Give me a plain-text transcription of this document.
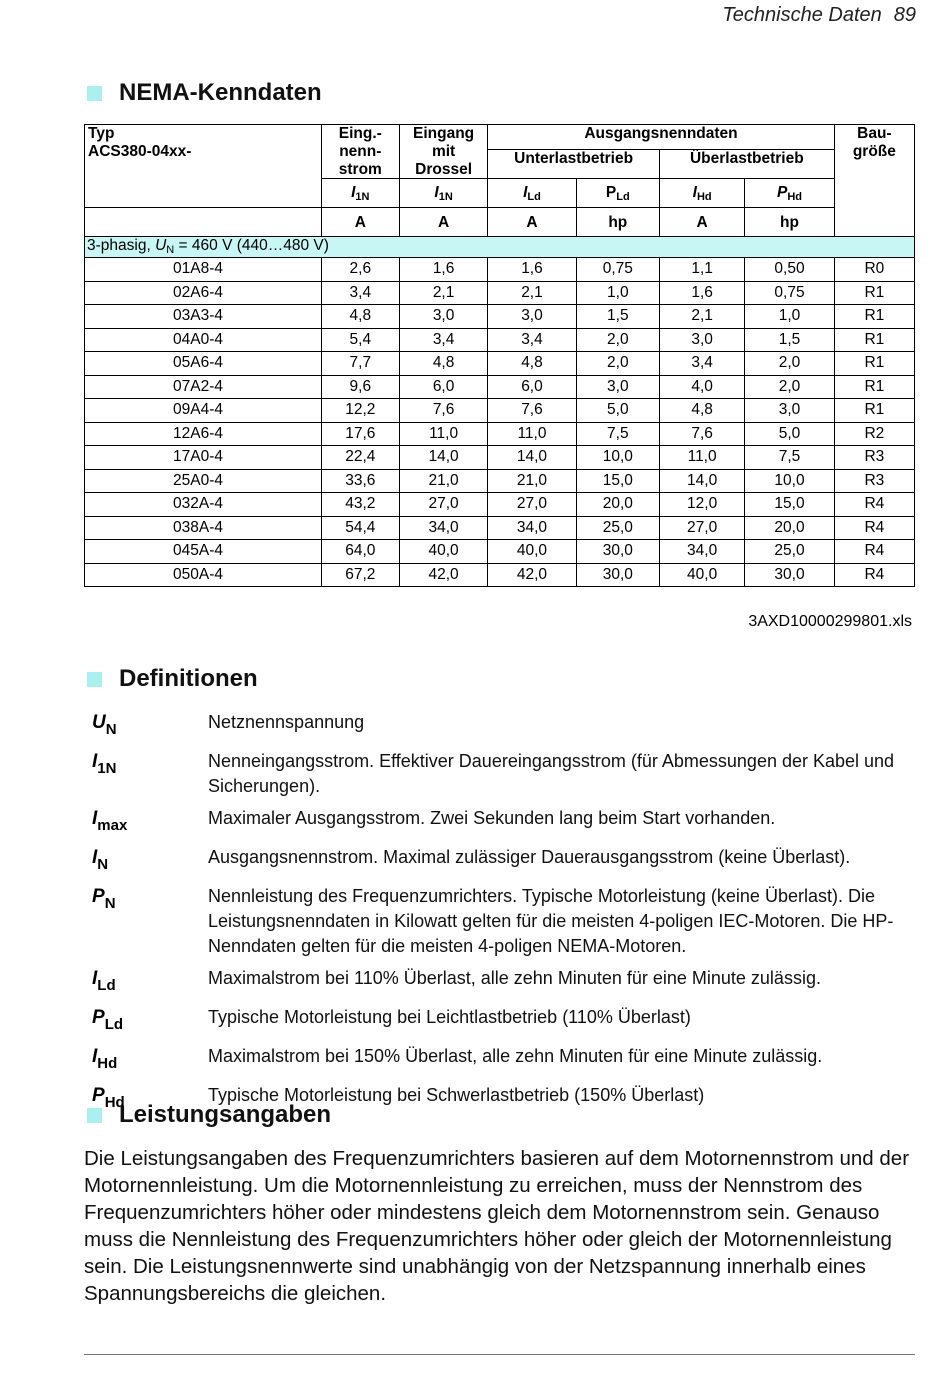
Technische Daten 89
NEMA-Kenndaten
Typ
ACS380-04xx-	Eing.-nenn-strom	Eingang mit Drossel	Ausgangsnenndaten				Bau-größe

			Unterlastbetrieb		Überlastbetrieb		
	$I_{1N}$	$I_{1N}$	$I_{Ld}$	$P_{Ld}$	$I_{Hd}$	$P_{Hd}$
	A	A	A	hp	A	hp	
3-phasig, UN = 460 V (440…480 V)							
01A8-4	2,6	1,6	1,6	0,75	1,1	0,50	R0
02A6-4	3,4	2,1	2,1	1,0	1,6	0,75	R1
03A3-4	4,8	3,0	3,0	1,5	2,1	1,0	R1
04A0-4	5,4	3,4	3,4	2,0	3,0	1,5	R1
05A6-4	7,7	4,8	4,8	2,0	3,4	2,0	R1
07A2-4	9,6	6,0	6,0	3,0	4,0	2,0	R1
09A4-4	12,2	7,6	7,6	5,0	4,8	3,0	R1
12A6-4	17,6	11,0	11,0	7,5	7,6	5,0	R2
17A0-4	22,4	14,0	14,0	10,0	11,0	7,5	R3
25A0-4	33,6	21,0	21,0	15,0	14,0	10,0	R3
032A-4	43,2	27,0	27,0	20,0	12,0	15,0	R4
038A-4	54,4	34,0	34,0	25,0	27,0	20,0	R4
045A-4	64,0	40,0	40,0	30,0	34,0	25,0	R4
050A-4	67,2	42,0	42,0	30,0	40,0	30,0	R4
3AXD10000299801.xls
Definitionen
$U_N$	Netznennspannung
$I_{1N}$	Nenneingangsstrom. Effektiver Dauereingangsstrom (für Abmessungen der Kabel und Sicherungen).
$I_{max}$	Maximaler Ausgangsstrom. Zwei Sekunden lang beim Start vorhanden.
$I_N$	Ausgangsnennstrom. Maximal zulässiger Dauerausgangsstrom (keine Überlast).
$P_N$	Nennleistung des Frequenzumrichters. Typische Motorleistung (keine Überlast). Die Leistungsnenndaten in Kilowatt gelten für die meisten 4-poligen IEC-Motoren. Die HP-Nenndaten gelten für die meisten 4-poligen NEMA-Motoren.
$I_{Ld}$	Maximalstrom bei 110% Überlast, alle zehn Minuten für eine Minute zulässig.
$P_{Ld}$	Typische Motorleistung bei Leichtlastbetrieb (110% Überlast)
$I_{Hd}$	Maximalstrom bei 150% Überlast, alle zehn Minuten für eine Minute zulässig.
$P_{Hd}$	Typische Motorleistung bei Schwerlastbetrieb (150% Überlast)
Leistungsangaben
Die Leistungsangaben des Frequenzumrichters basieren auf dem Motornennstrom und der Motornennleistung. Um die Motornennleistung zu erreichen, muss der Nennstrom des Frequenzumrichters höher oder mindestens gleich dem Motornennstrom sein. Genauso muss die Nennleistung des Frequenzumrichters höher oder gleich der Motornennleistung sein. Die Leistungsnennwerte sind unabhängig von der Netzspannung innerhalb eines Spannungsbereichs die gleichen.
